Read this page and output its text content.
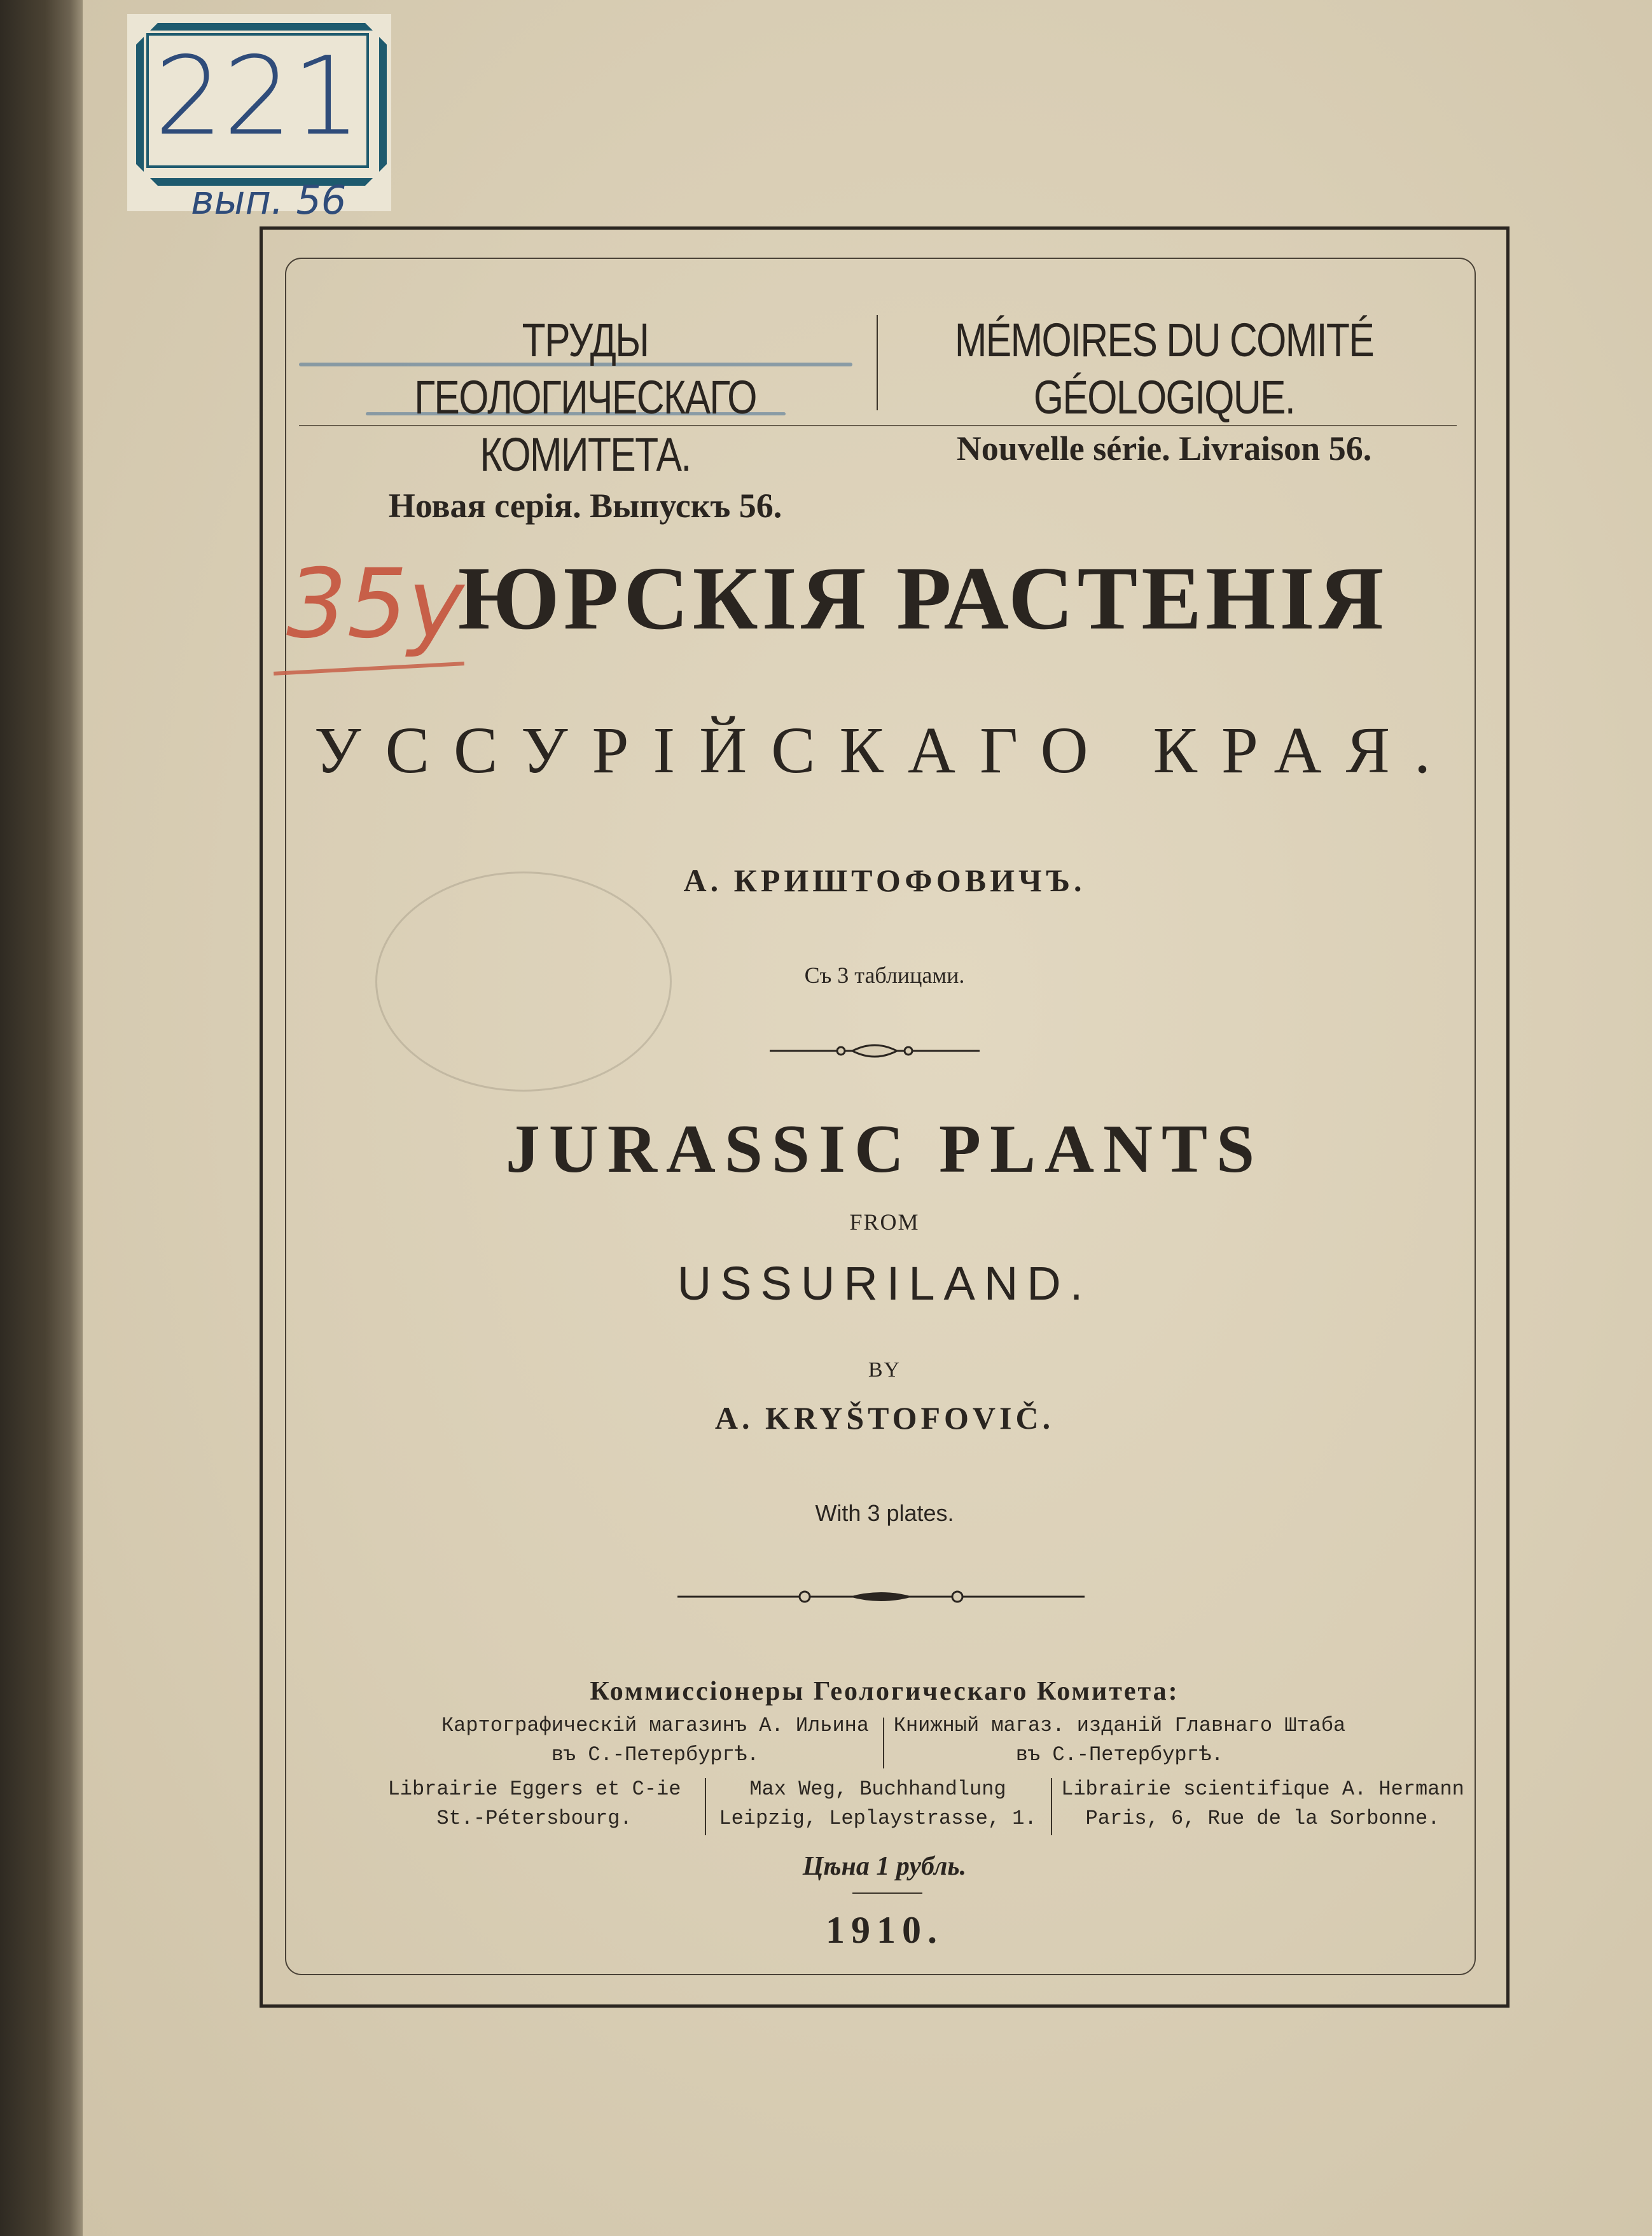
221
вып. 56
ТРУДЫ ГЕОЛОГИЧЕСКАГО КОМИТЕТА.
Новая серія. Выпускъ 56.
MÉMOIRES DU COMITÉ GÉOLOGIQUE.
Nouvelle série. Livraison 56.
35y
ЮРСКІЯ РАСТЕНІЯ
УССУРІЙСКАГО КРАЯ.
А. КРИШТОФОВИЧЪ.
Съ 3 таблицами.
JURASSIC PLANTS
FROM
USSURILAND.
BY
A. KRYŠTOFOVIČ.
With 3 plates.
Коммиссіонеры Геологическаго Комитета:
Картографическій магазинъ А. Ильина
въ С.-Петербургѣ.
Книжный магаз. изданій Главнаго Штаба
въ С.-Петербургѣ.
Librairie Eggers et C-ie
St.-Pétersbourg.
Max Weg, Buchhandlung
Leipzig, Leplaystrasse, 1.
Librairie scientifique A. Hermann
Paris, 6, Rue de la Sorbonne.
Цѣна 1 рубль.
1910.
